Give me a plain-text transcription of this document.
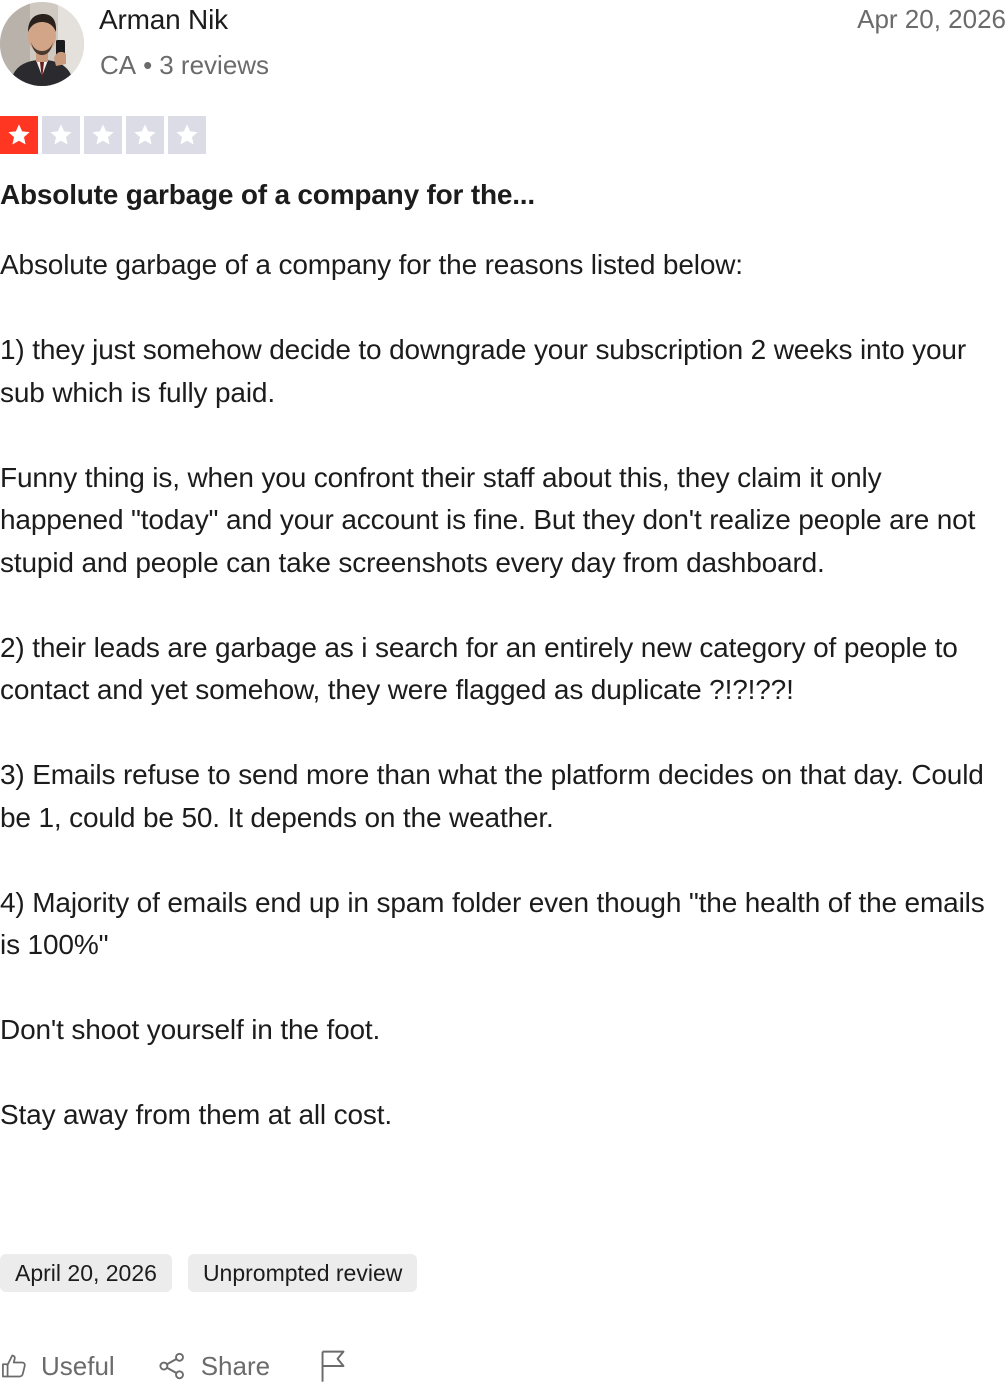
Arman Nik
CA • 3 reviews
Apr 20, 2026
Absolute garbage of a company for the...

Absolute garbage of a company for the reasons listed below:

1) they just somehow decide to downgrade your subscription 2 weeks into your sub which is fully paid.

Funny thing is, when you confront their staff about this, they claim it only happened "today" and your account is fine. But they don't realize people are not stupid and people can take screenshots every day from dashboard.

2) their leads are garbage as i search for an entirely new category of people to contact and yet somehow, they were flagged as duplicate ?!?!??!

3) Emails refuse to send more than what the platform decides on that day. Could be 1, could be 50. It depends on the weather.

4) Majority of emails end up in spam folder even though "the health of the emails is 100%"

Don't shoot yourself in the foot.

Stay away from them at all cost.

April 20, 2026	Unprompted review
Useful	Share
